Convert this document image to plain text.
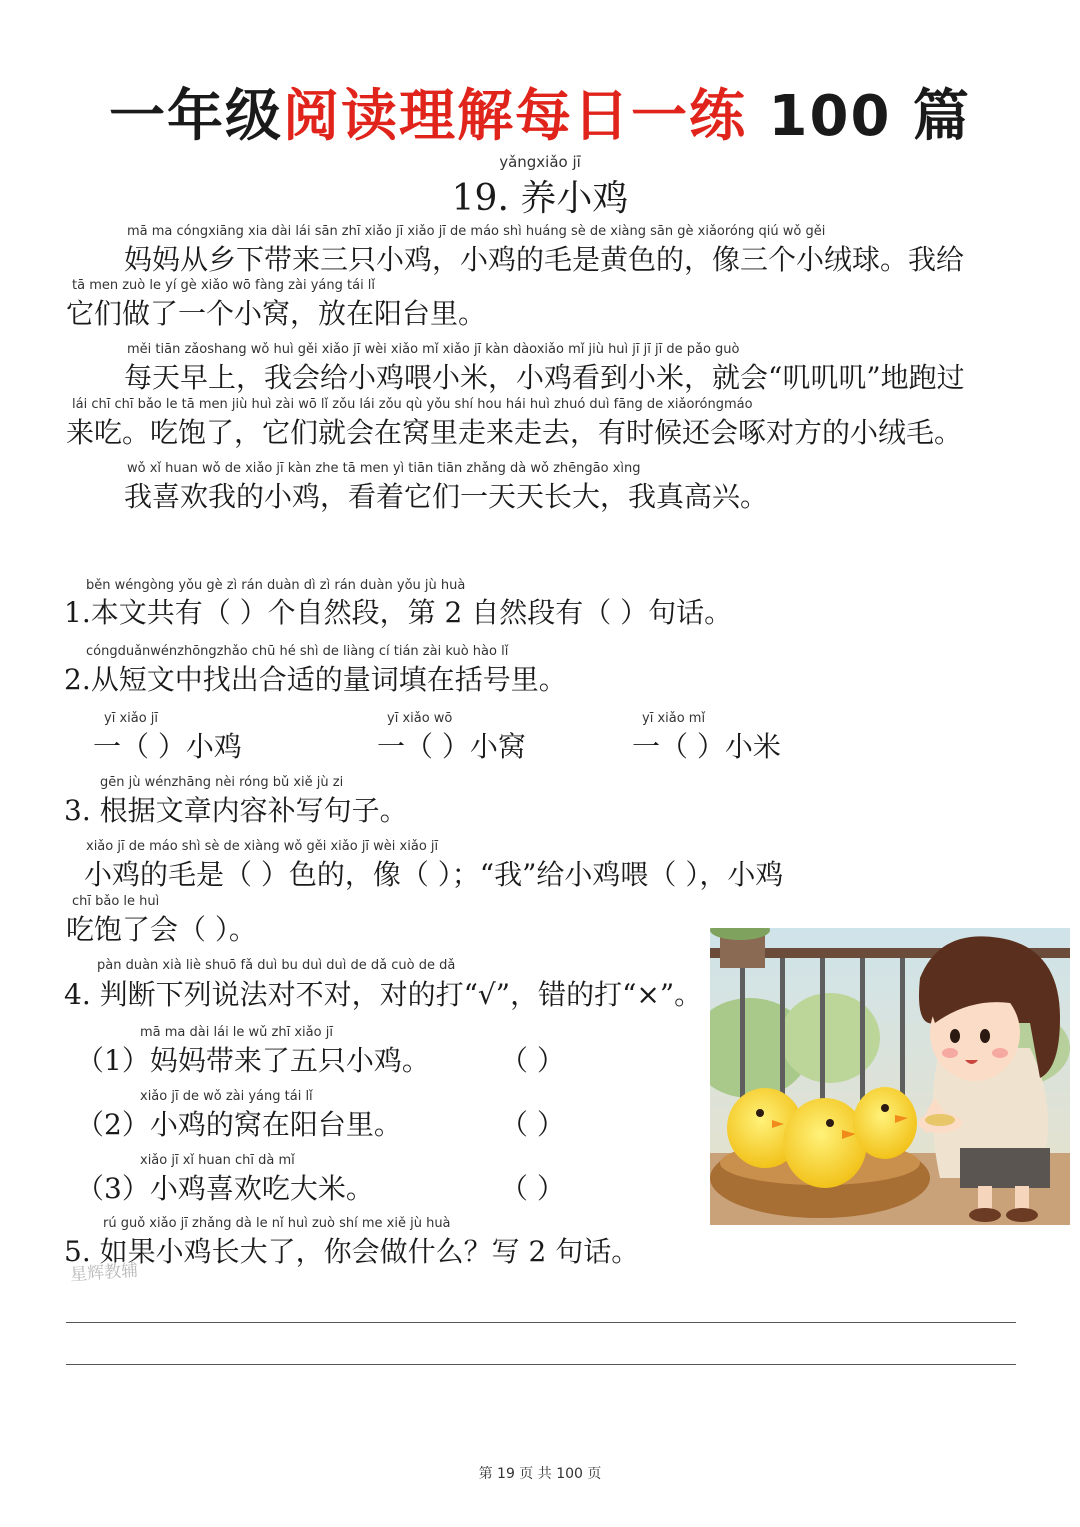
一年级阅读理解每日一练 100 篇
yǎngxiǎo jī
19. 养小鸡
mā ma cóngxiāng xia dài lái sān zhī xiǎo jī xiǎo jī de máo shì huáng sè de xiàng sān gè xiǎoróng qiú wǒ gěi
妈妈从乡下带来三只小鸡，小鸡的毛是黄色的，像三个小绒球。我给
tā men zuò le yí gè xiǎo wō fàng zài yáng tái lǐ
它们做了一个小窝，放在阳台里。
měi tiān zǎoshang wǒ huì gěi xiǎo jī wèi xiǎo mǐ xiǎo jī kàn dàoxiǎo mǐ jiù huì jī jī jī de pǎo guò
每天早上，我会给小鸡喂小米，小鸡看到小米，就会“叽叽叽”地跑过
lái chī chī bǎo le tā men jiù huì zài wō lǐ zǒu lái zǒu qù yǒu shí hou hái huì zhuó duì fāng de xiǎoróngmáo
来吃。吃饱了，它们就会在窝里走来走去，有时候还会啄对方的小绒毛。
wǒ xǐ huan wǒ de xiǎo jī kàn zhe tā men yì tiān tiān zhǎng dà wǒ zhēngāo xìng
我喜欢我的小鸡，看着它们一天天长大，我真高兴。
běn wéngòng yǒu gè zì rán duàn dì zì rán duàn yǒu jù huà
1.本文共有（ ）个自然段，第 2 自然段有（ ）句话。
cóngduǎnwénzhōngzhǎo chū hé shì de liàng cí tián zài kuò hào lǐ
2.从短文中找出合适的量词填在括号里。
yī xiǎo jī
一（ ）小鸡
yī xiǎo wō
一（ ）小窝
yī xiǎo mǐ
一（ ）小米
gēn jù wénzhāng nèi róng bǔ xiě jù zi
3. 根据文章内容补写句子。
xiǎo jī de máo shì sè de xiàng wǒ gěi xiǎo jī wèi xiǎo jī
小鸡的毛是（ ）色的，像（ ）；“我”给小鸡喂（ ），小鸡
chī bǎo le huì
吃饱了会（ ）。
pàn duàn xià liè shuō fǎ duì bu duì duì de dǎ cuò de dǎ
4. 判断下列说法对不对，对的打“√”，错的打“×”。
mā ma dài lái le wǔ zhī xiǎo jī
（1）妈妈带来了五只小鸡。	（ ）
xiǎo jī de wǒ zài yáng tái lǐ
（2）小鸡的窝在阳台里。	（ ）
xiǎo jī xǐ huan chī dà mǐ
（3）小鸡喜欢吃大米。	（ ）
rú guǒ xiǎo jī zhǎng dà le nǐ huì zuò shí me xiě jù huà
5. 如果小鸡长大了，你会做什么？写 2 句话。
星辉教辅
第 19 页 共 100 页
